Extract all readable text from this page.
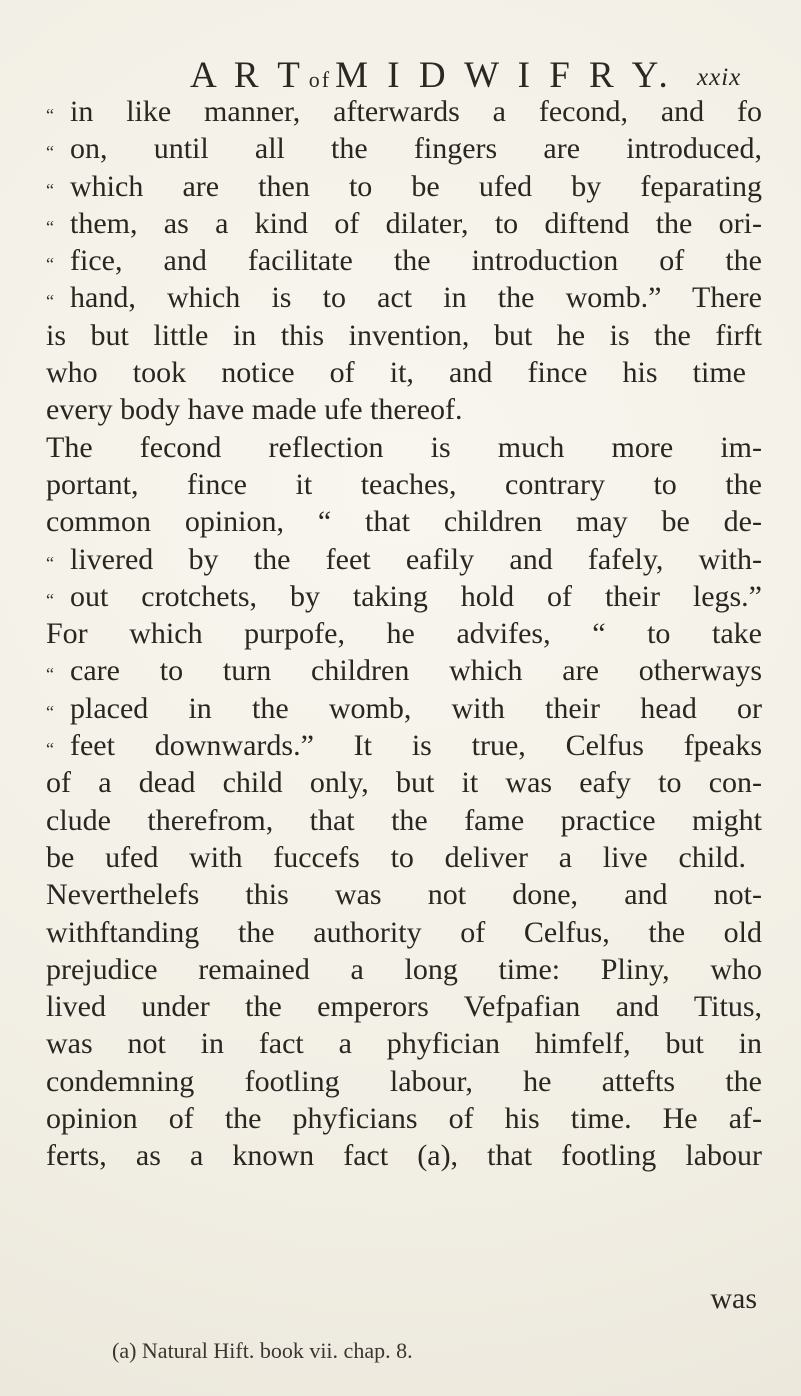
A R T of M I D W I F R Y. xxix
“ in like manner, afterwards a fecond, and fo
“ on, until all the fingers are introduced,
“ which are then to be ufed by feparating
“ them, as a kind of dilater, to diftend the ori-
“ fice, and facilitate the introduction of the
“ hand, which is to act in the womb.” There
is but little in this invention, but he is the firft
who took notice of it, and fince his time
every body have made ufe thereof.
The fecond reflection is much more im-
portant, fince it teaches, contrary to the
common opinion, “ that children may be de-
“ livered by the feet eafily and fafely, with-
“ out crotchets, by taking hold of their legs.”
For which purpofe, he advifes, “ to take
“ care to turn children which are otherways
“ placed in the womb, with their head or
“ feet downwards.” It is true, Celfus fpeaks
of a dead child only, but it was eafy to con-
clude therefrom, that the fame practice might
be ufed with fuccefs to deliver a live child.
Neverthelefs this was not done, and not-
withftanding the authority of Celfus, the old
prejudice remained a long time: Pliny, who
lived under the emperors Vefpafian and Titus,
was not in fact a phyfician himfelf, but in
condemning footling labour, he attefts the
opinion of the phyficians of his time. He af-
ferts, as a known fact (a), that footling labour
was
(a) Natural Hift. book vii. chap. 8.
